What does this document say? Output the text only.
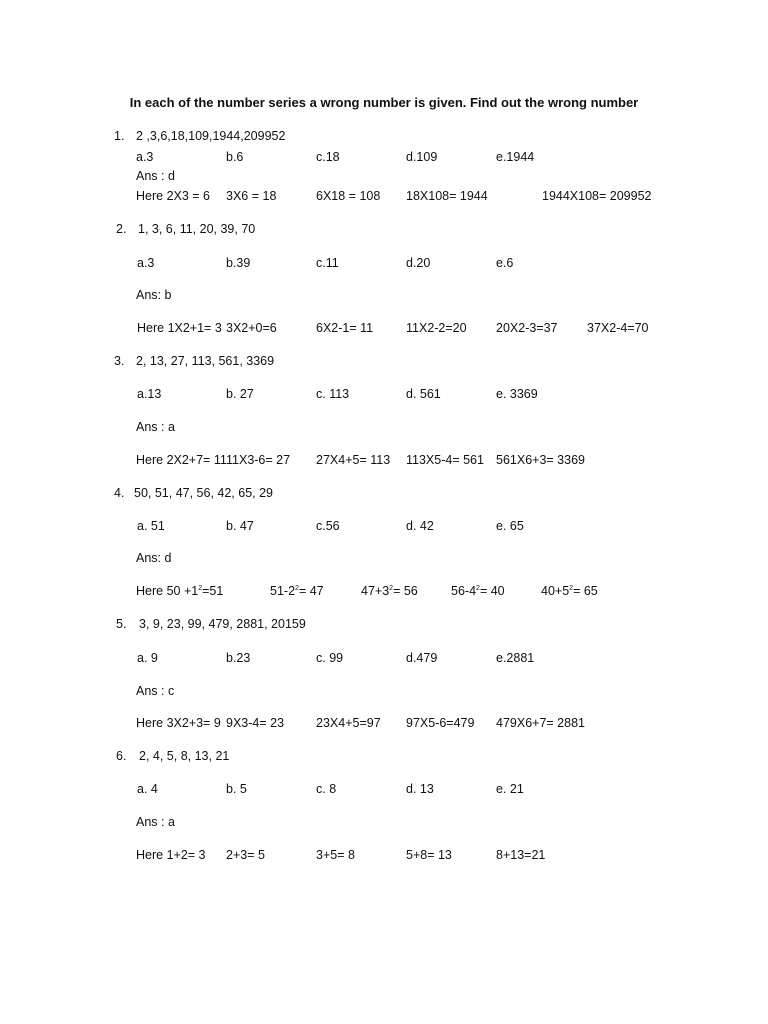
In each of the number series a wrong number is given. Find out the wrong number
1. 2 ,3,6,18,109,1944,209952
a.3	b.6	c.18	d.109	e.1944
Ans : d
Here 2X3 = 6 3X6 = 18	6X18 = 108 18X108= 1944	1944X108= 209952
2. 1, 3, 6, 11, 20, 39, 70
a.3	b.39	c.11	d.20	e.6
Ans: b
Here 1X2+1= 3 3X2+0=6	6X2-1= 11	11X2-2=20 20X2-3=37 37X2-4=70
3. 2, 13, 27, 113, 561, 3369
a.13	b. 27	c. 113	d. 561	e. 3369
Ans : a
Here 2X2+7= 11 11X3-6= 27 27X4+5= 113 113X5-4= 561 561X6+3= 3369
4. 50, 51, 47, 56, 42, 65, 29
a. 51	b. 47	c.56	d. 42	e. 65
Ans: d
Here $50 +1^2=51$	$51-2^2= 47$	$47+3^2= 56$	$56-4^2= 40$	$40+5^2= 65$
5. 3, 9, 23, 99, 479, 2881, 20159
a. 9	b.23	c. 99	d.479	e.2881
Ans : c
Here 3X2+3= 9 9X3-4= 23	23X4+5=97 97X5-6=479 479X6+7= 2881
6. 2, 4, 5, 8, 13, 21
a. 4	b. 5	c. 8	d. 13	e. 21
Ans : a
Here 1+2= 3 2+3= 5	3+5= 8	5+8= 13	8+13=21
